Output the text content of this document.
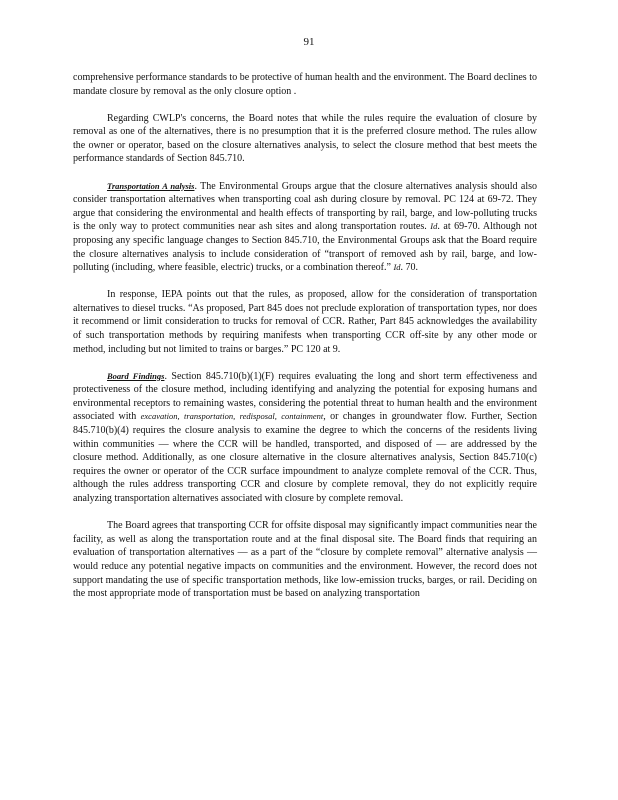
91

comprehensive performance standards to be protective of human health and the environment. The Board declines to mandate closure by removal as the only closure option .

Regarding CWLP's concerns, the Board notes that while the rules require the evaluation of closure by removal as one of the alternatives, there is no presumption that it is the preferred closure method. The rules allow the owner or operator, based on the closure alternatives analysis, to select the closure method that best meets the performance standards of Section 845.710.

Transportation A nalysis. The Environmental Groups argue that the closure alternatives analysis should also consider transportation alternatives when transporting coal ash during closure by removal. PC 124 at 69-72. They argue that considering the environmental and health effects of transporting by rail, barge, and low-polluting trucks is the only way to protect communities near ash sites and along transportation routes. Id. at 69-70. Although not proposing any specific language changes to Section 845.710, the Environmental Groups ask that the Board require the closure alternatives analysis to include consideration of “transport of removed ash by rail, barge, and low-polluting (including, where feasible, electric) trucks, or a combination thereof.” Id. 70.

In response, IEPA points out that the rules, as proposed, allow for the consideration of transportation alternatives to diesel trucks. “As proposed, Part 845 does not preclude exploration of transportation types, nor does it recommend or limit consideration to trucks for removal of CCR. Rather, Part 845 acknowledges the availability of such transportation methods by requiring manifests when transporting CCR off-site by any other mode or method, including but not limited to trains or barges.” PC 120 at 9.

Board Findings. Section 845.710(b)(1)(F) requires evaluating the long and short term effectiveness and protectiveness of the closure method, including identifying and analyzing the potential for exposing humans and environmental receptors to remaining wastes, considering the potential threat to human health and the environment associated with excavation, transportation, redisposal, containment, or changes in groundwater flow. Further, Section 845.710(b)(4) requires the closure analysis to examine the degree to which the concerns of the residents living within communities — where the CCR will be handled, transported, and disposed of — are addressed by the closure method. Additionally, as one closure alternative in the closure alternatives analysis, Section 845.710(c) requires the owner or operator of the CCR surface impoundment to analyze complete removal of the CCR. Thus, although the rules address transporting CCR and closure by complete removal, they do not explicitly require analyzing transportation alternatives associated with closure by complete removal.

The Board agrees that transporting CCR for offsite disposal may significantly impact communities near the facility, as well as along the transportation route and at the final disposal site. The Board finds that requiring an evaluation of transportation alternatives — as a part of the “closure by complete removal” alternative analysis — would reduce any potential negative impacts on communities and the environment. However, the record does not support mandating the use of specific transportation methods, like low-emission trucks, barges, or rail. Deciding on the most appropriate mode of transportation must be based on analyzing transportation
